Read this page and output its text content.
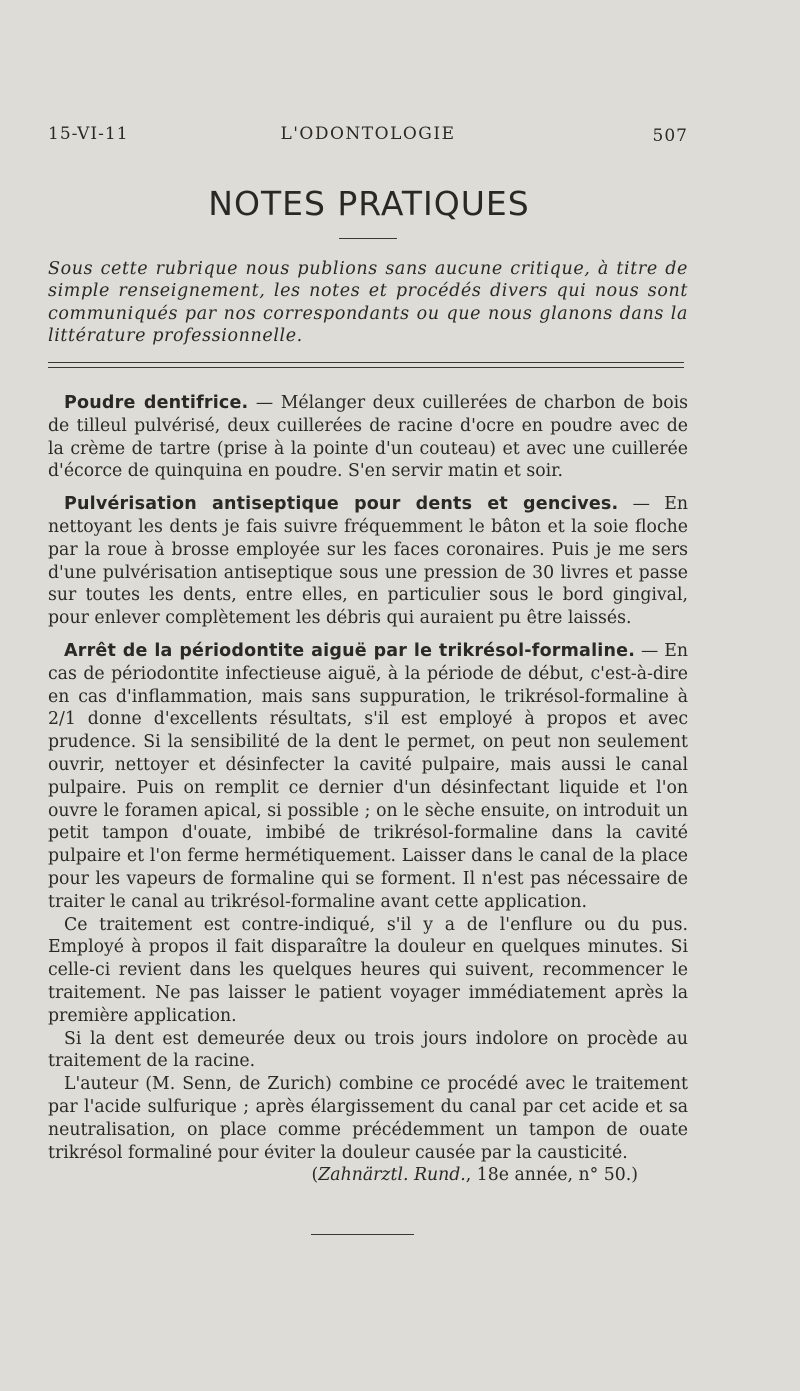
15-VI-11	L'ODONTOLOGIE	507
NOTES PRATIQUES
Sous cette rubrique nous publions sans aucune critique, à titre de simple renseignement, les notes et procédés divers qui nous sont communiqués par nos correspondants ou que nous glanons dans la littérature professionnelle.

Poudre dentifrice. — Mélanger deux cuillerées de charbon de bois de tilleul pulvérisé, deux cuillerées de racine d'ocre en poudre avec de la crème de tartre (prise à la pointe d'un couteau) et avec une cuillerée d'écorce de quinquina en poudre. S'en servir matin et soir.

Pulvérisation antiseptique pour dents et gencives. — En nettoyant les dents je fais suivre fréquemment le bâton et la soie floche par la roue à brosse employée sur les faces coronaires. Puis je me sers d'une pulvérisation antiseptique sous une pression de 30 livres et passe sur toutes les dents, entre elles, en particulier sous le bord gingival, pour enlever complètement les débris qui auraient pu être laissés.

Arrêt de la périodontite aiguë par le trikrésol-formaline. — En cas de périodontite infectieuse aiguë, à la période de début, c'est-à-dire en cas d'inflammation, mais sans suppuration, le trikrésol-formaline à 2/1 donne d'excellents résultats, s'il est employé à propos et avec prudence. Si la sensibilité de la dent le permet, on peut non seulement ouvrir, nettoyer et désinfecter la cavité pulpaire, mais aussi le canal pulpaire. Puis on remplit ce dernier d'un désinfectant liquide et l'on ouvre le foramen apical, si possible ; on le sèche ensuite, on introduit un petit tampon d'ouate, imbibé de trikrésol-formaline dans la cavité pulpaire et l'on ferme hermétiquement. Laisser dans le canal de la place pour les vapeurs de formaline qui se forment. Il n'est pas nécessaire de traiter le canal au trikrésol-formaline avant cette application.

Ce traitement est contre-indiqué, s'il y a de l'enflure ou du pus. Employé à propos il fait disparaître la douleur en quelques minutes. Si celle-ci revient dans les quelques heures qui suivent, recommencer le traitement. Ne pas laisser le patient voyager immédiatement après la première application.

Si la dent est demeurée deux ou trois jours indolore on procède au traitement de la racine.

L'auteur (M. Senn, de Zurich) combine ce procédé avec le traitement par l'acide sulfurique ; après élargissement du canal par cet acide et sa neutralisation, on place comme précédemment un tampon de ouate trikrésol formaliné pour éviter la douleur causée par la causticité.

(Zahnärztl. Rund., 18e année, n° 50.)
